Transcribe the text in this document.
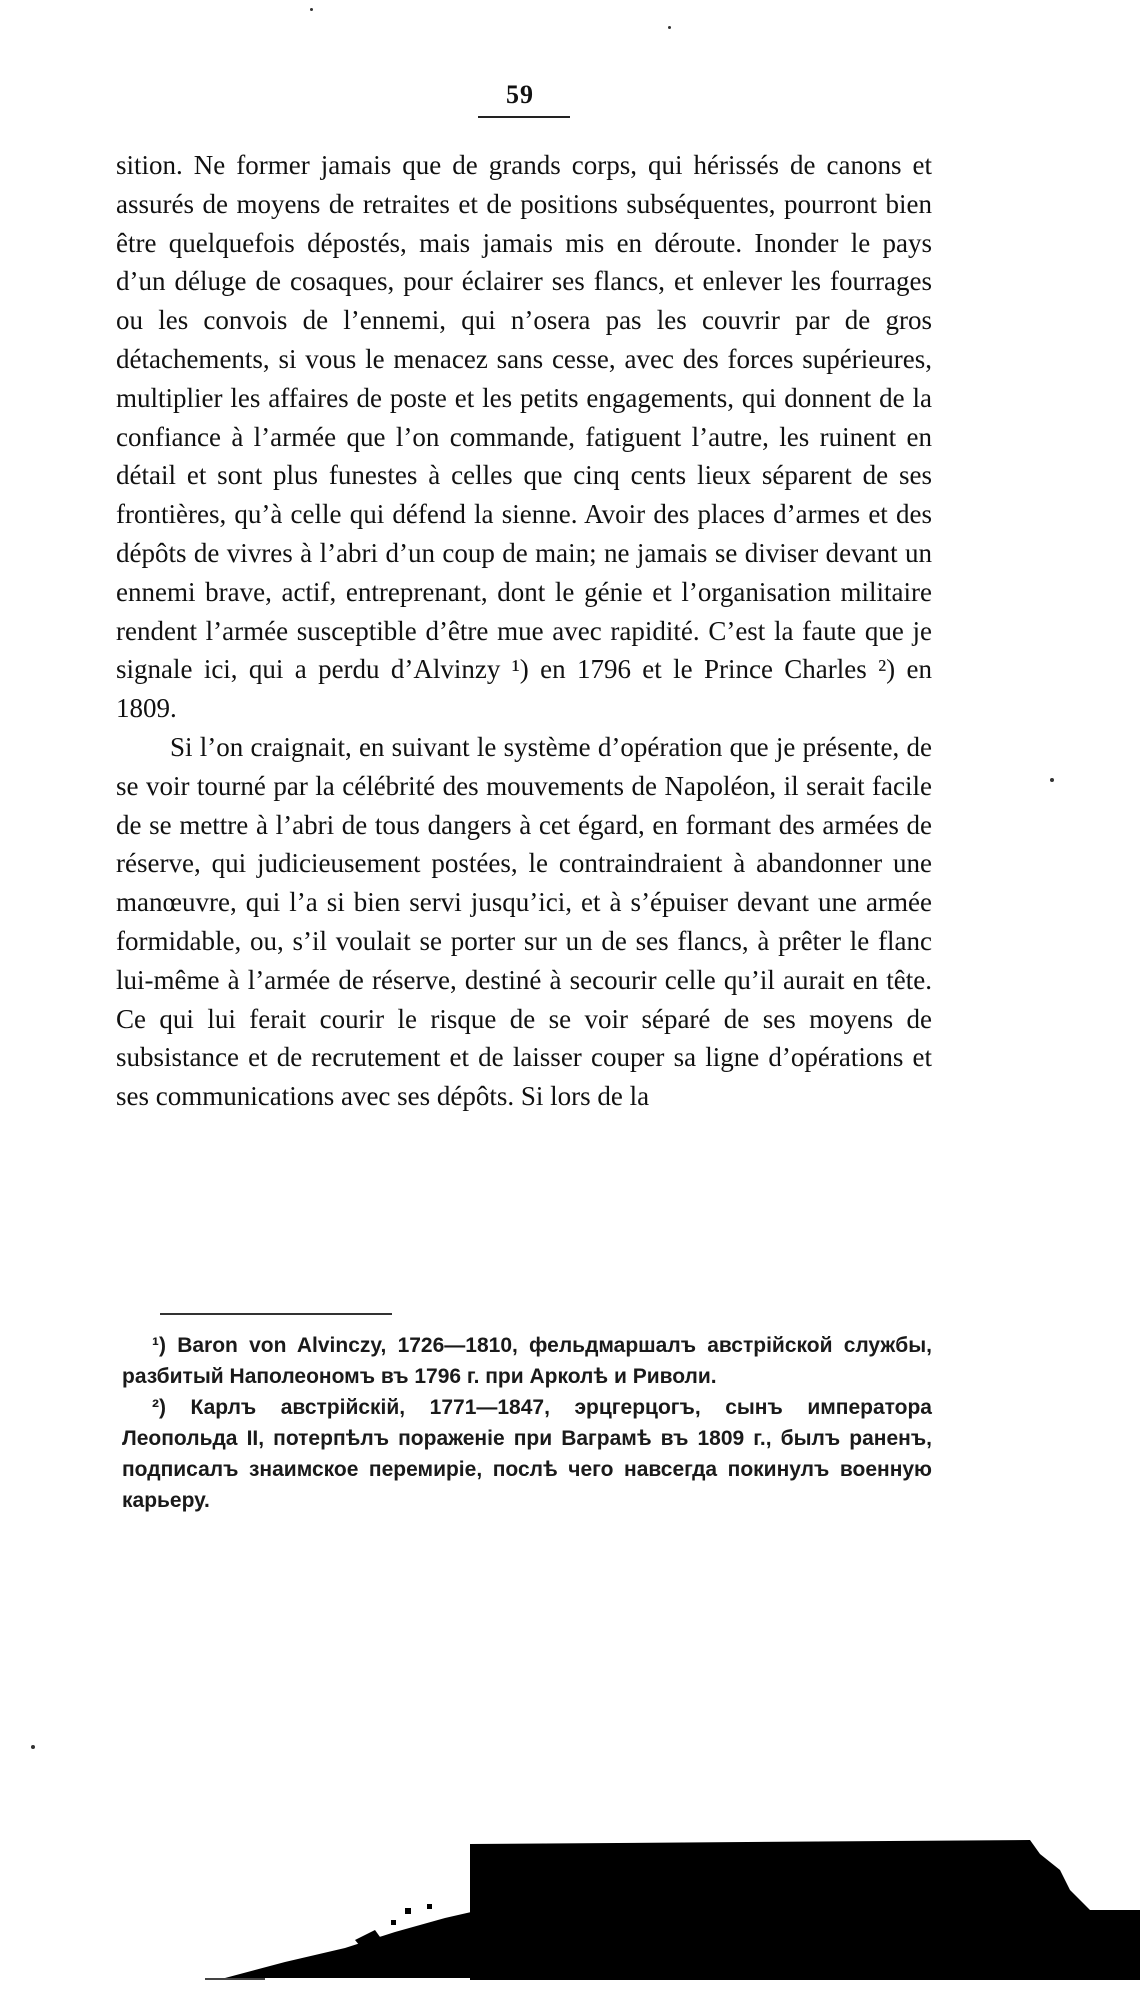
59

sition. Ne former jamais que de grands corps, qui hérissés de canons et assurés de moyens de retraites et de positions subséquentes, pourront bien être quelquefois dépostés, mais jamais mis en déroute. Inonder le pays d’un déluge de cosaques, pour éclairer ses flancs, et enlever les fourrages ou les convois de l’ennemi, qui n’osera pas les couvrir par de gros détachements, si vous le menacez sans cesse, avec des forces supérieures, multiplier les affaires de poste et les petits engagements, qui donnent de la confiance à l’armée que l’on commande, fatiguent l’autre, les ruinent en détail et sont plus funestes à celles que cinq cents lieux séparent de ses frontières, qu’à celle qui défend la sienne. Avoir des places d’armes et des dépôts de vivres à l’abri d’un coup de main; ne jamais se diviser devant un ennemi brave, actif, entreprenant, dont le génie et l’organisation militaire rendent l’armée susceptible d’être mue avec rapidité. C’est la faute que je signale ici, qui a perdu d’Alvinzy ¹) en 1796 et le Prince Charles ²) en 1809.

Si l’on craignait, en suivant le système d’opération que je présente, de se voir tourné par la célébrité des mouvements de Napoléon, il serait facile de se mettre à l’abri de tous dangers à cet égard, en formant des armées de réserve, qui judicieusement postées, le contraindraient à abandonner une manœuvre, qui l’a si bien servi jusqu’ici, et à s’épuiser devant une armée formidable, ou, s’il voulait se porter sur un de ses flancs, à prêter le flanc lui-même à l’armée de réserve, destiné à secourir celle qu’il aurait en tête. Ce qui lui ferait courir le risque de se voir séparé de ses moyens de subsistance et de recrutement et de laisser couper sa ligne d’opérations et ses communications avec ses dépôts. Si lors de la

¹) Baron von Alvinczy, 1726—1810, фельдмаршалъ австрійской службы, разбитый Наполеономъ въ 1796 г. при Арколѣ и Риволи.

²) Карлъ австрійскій, 1771—1847, эрцгерцогъ, сынъ императора Леопольда II, потерпѣлъ пораженіе при Ваграмѣ въ 1809 г., былъ раненъ, подписалъ знаимское перемиріе, послѣ чего навсегда покинулъ военную карьеру.
